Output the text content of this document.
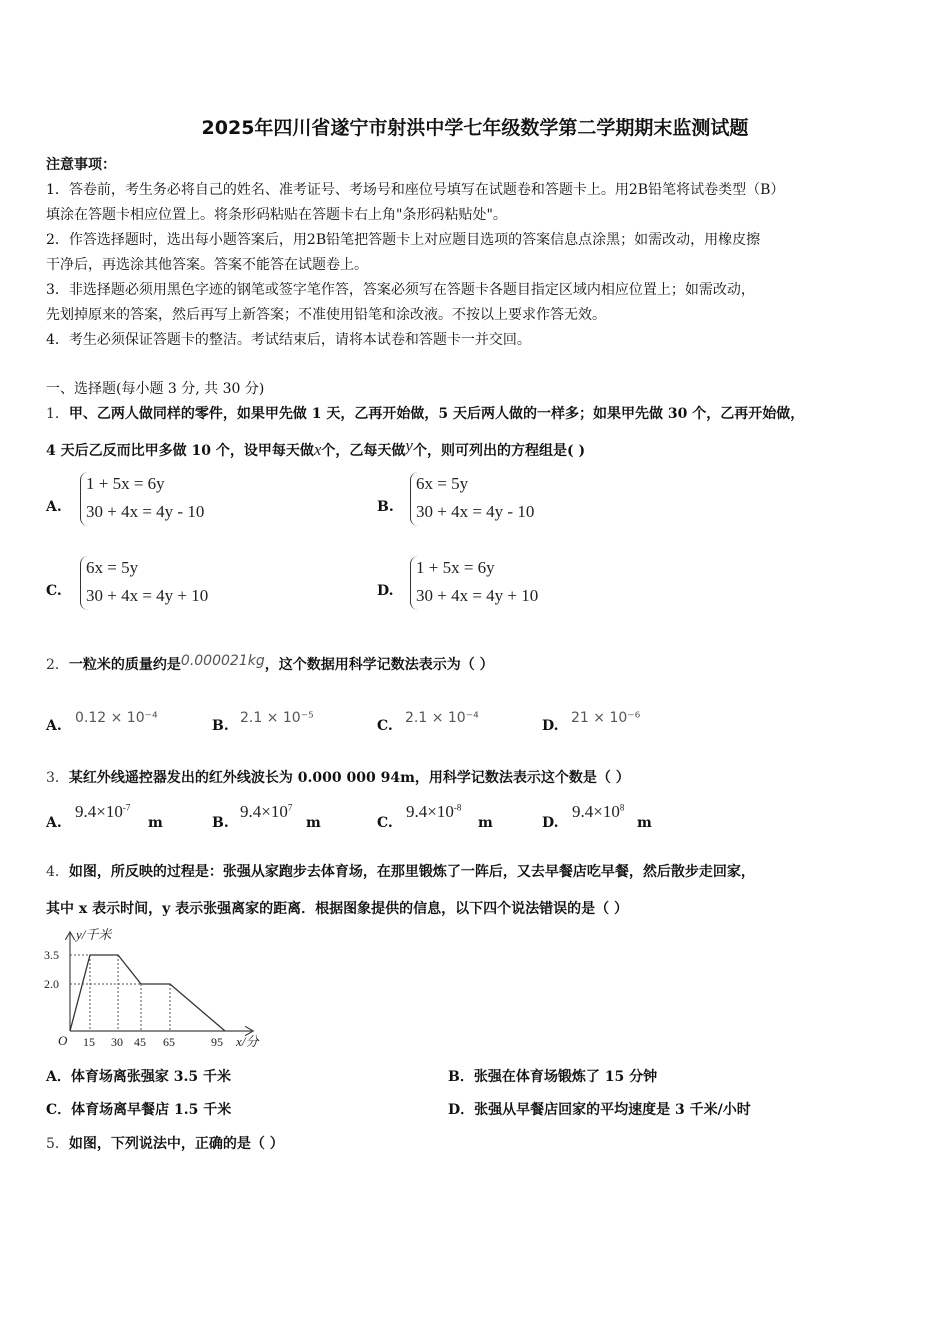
2025年四川省遂宁市射洪中学七年级数学第二学期期末监测试题
注意事项：
1．答卷前，考生务必将自己的姓名、准考证号、考场号和座位号填写在试题卷和答题卡上。用2B铅笔将试卷类型（B）
填涂在答题卡相应位置上。将条形码粘贴在答题卡右上角"条形码粘贴处"。
2．作答选择题时，选出每小题答案后，用2B铅笔把答题卡上对应题目选项的答案信息点涂黑；如需改动，用橡皮擦
干净后，再选涂其他答案。答案不能答在试题卷上。
3．非选择题必须用黑色字迹的钢笔或签字笔作答，答案必须写在答题卡各题目指定区域内相应位置上；如需改动，
先划掉原来的答案，然后再写上新答案；不准使用铅笔和涂改液。不按以上要求作答无效。
4．考生必须保证答题卡的整洁。考试结束后，请将本试卷和答题卡一并交回。
一、选择题(每小题 3 分, 共 30 分)
1．甲、乙两人做同样的零件，如果甲先做 1 天，乙再开始做，5 天后两人做的一样多；如果甲先做 30 个，乙再开始做，
4 天后乙反而比甲多做 10 个，设甲每天做x个，乙每天做y个，则可列出的方程组是( )
A.
1 + 5x = 6y
30 + 4x = 4y - 10	B.
6x = 5y
30 + 4x = 4y - 10
C.
6x = 5y
30 + 4x = 4y + 10	D.
1 + 5x = 6y
30 + 4x = 4y + 10
2．一粒米的质量约是0.000021kg，这个数据用科学记数法表示为（ ）
A. 0.12 × 10⁻⁴	B. 2.1 × 10⁻⁵	C. 2.1 × 10⁻⁴	D. 21 × 10⁻⁶
3．某红外线遥控器发出的红外线波长为 0.000 000 94m，用科学记数法表示这个数是（ ）
A.
$9.4\times 10^{-7}$
m	B.
$9.4\times 10^7$
m	C.
$9.4\times 10^{-8}$
m	D.
$9.4\times 10^8$
m
4．如图，所反映的过程是：张强从家跑步去体育场，在那里锻炼了一阵后，又去早餐店吃早餐，然后散步走回家，
其中 x 表示时间，y 表示张强离家的距离．根据图象提供的信息，以下四个说法错误的是（ ）
y/千米
x/分
O
3.5
2.0
15 30 45 65	95
A．体育场离张强家 3.5 千米	B．张强在体育场锻炼了 15 分钟
C．体育场离早餐店 1.5 千米	D．张强从早餐店回家的平均速度是 3 千米/小时
5．如图，下列说法中，正确的是（ ）
